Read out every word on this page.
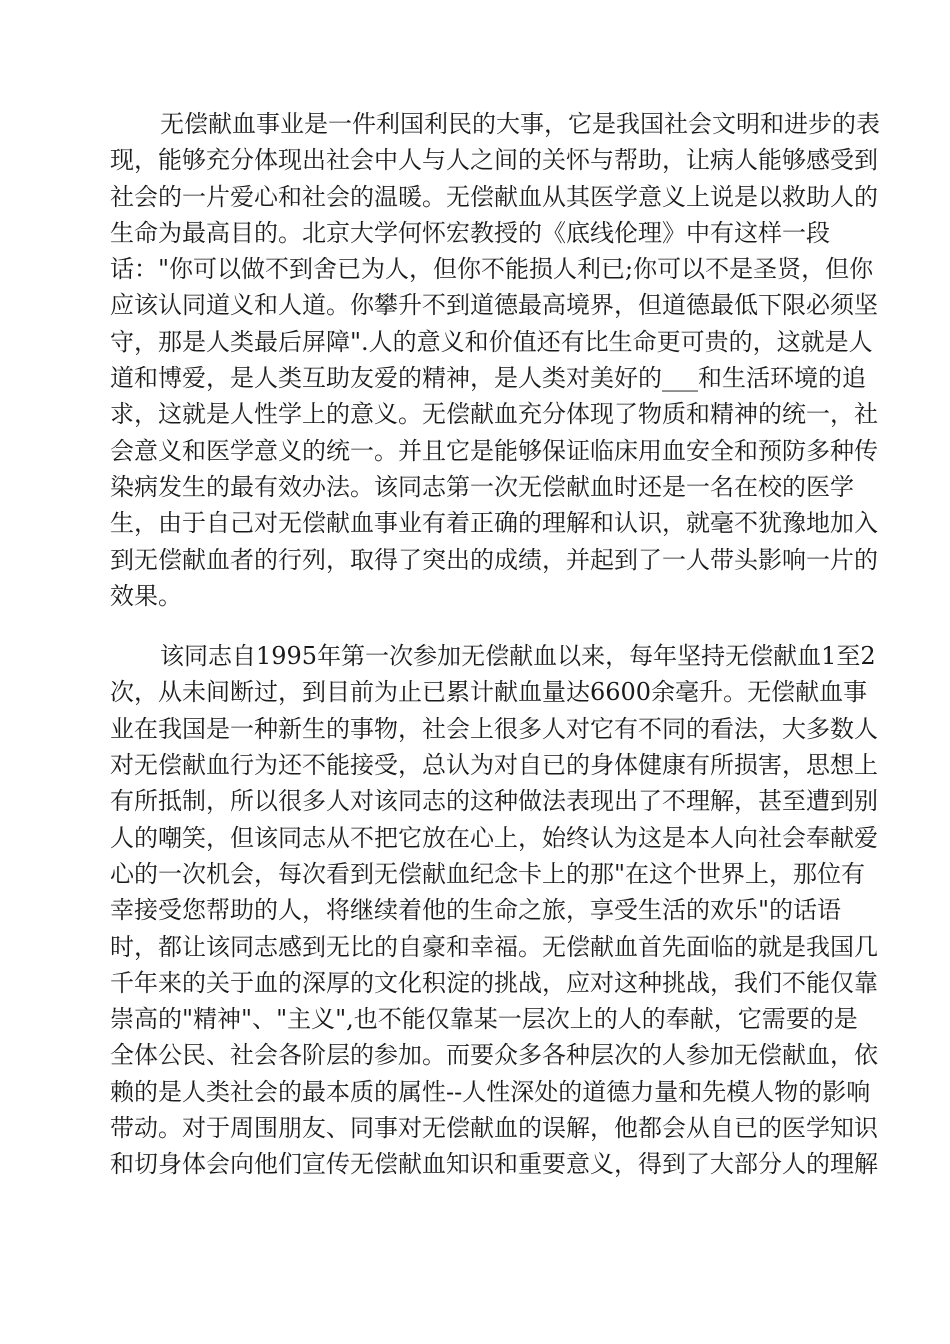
无偿献血事业是一件利国利民的大事，它是我国社会文明和进步的表
现，能够充分体现出社会中人与人之间的关怀与帮助，让病人能够感受到
社会的一片爱心和社会的温暖。无偿献血从其医学意义上说是以救助人的
生命为最高目的。北京大学何怀宏教授的《底线伦理》中有这样一段
话："你可以做不到舍已为人，但你不能损人利已;你可以不是圣贤，但你
应该认同道义和人道。你攀升不到道德最高境界，但道德最低下限必须坚
守，那是人类最后屏障".人的意义和价值还有比生命更可贵的，这就是人
道和博爱，是人类互助友爱的精神，是人类对美好的___和生活环境的追
求，这就是人性学上的意义。无偿献血充分体现了物质和精神的统一，社
会意义和医学意义的统一。并且它是能够保证临床用血安全和预防多种传
染病发生的最有效办法。该同志第一次无偿献血时还是一名在校的医学
生，由于自己对无偿献血事业有着正确的理解和认识，就毫不犹豫地加入
到无偿献血者的行列，取得了突出的成绩，并起到了一人带头影响一片的
效果。

该同志自1995年第一次参加无偿献血以来，每年坚持无偿献血1至2
次，从未间断过，到目前为止已累计献血量达6600余毫升。无偿献血事
业在我国是一种新生的事物，社会上很多人对它有不同的看法，大多数人
对无偿献血行为还不能接受，总认为对自已的身体健康有所损害，思想上
有所抵制，所以很多人对该同志的这种做法表现出了不理解，甚至遭到别
人的嘲笑，但该同志从不把它放在心上，始终认为这是本人向社会奉献爱
心的一次机会，每次看到无偿献血纪念卡上的那"在这个世界上，那位有
幸接受您帮助的人，将继续着他的生命之旅，享受生活的欢乐"的话语
时，都让该同志感到无比的自豪和幸福。无偿献血首先面临的就是我国几
千年来的关于血的深厚的文化积淀的挑战，应对这种挑战，我们不能仅靠
崇高的"精神"、"主义",也不能仅靠某一层次上的人的奉献，它需要的是
全体公民、社会各阶层的参加。而要众多各种层次的人参加无偿献血，依
赖的是人类社会的最本质的属性--人性深处的道德力量和先模人物的影响
带动。对于周围朋友、同事对无偿献血的误解，他都会从自已的医学知识
和切身体会向他们宣传无偿献血知识和重要意义，得到了大部分人的理解
